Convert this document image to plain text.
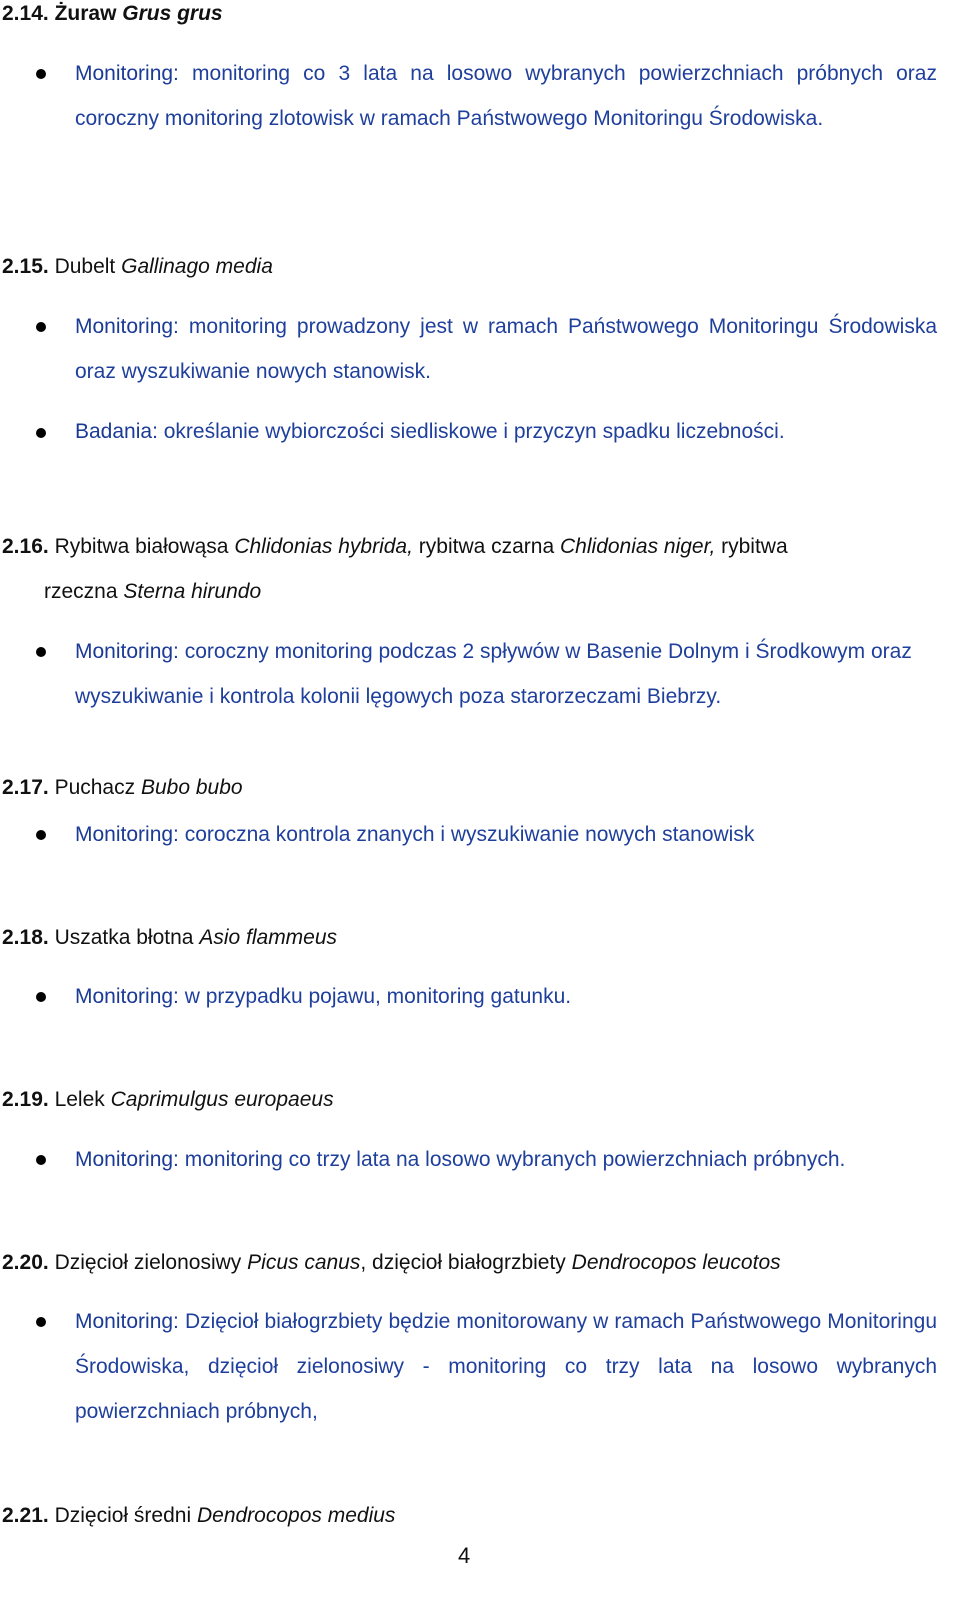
2.14. Żuraw Grus grus
Monitoring: monitoring co 3 lata na losowo wybranych powierzchniach próbnych oraz coroczny monitoring zlotowisk w ramach Państwowego Monitoringu Środowiska.
2.15. Dubelt Gallinago media
Monitoring: monitoring prowadzony jest w ramach Państwowego Monitoringu Środowiska oraz wyszukiwanie nowych stanowisk.
Badania: określanie wybiorczości siedliskowe i przyczyn spadku liczebności.
2.16. Rybitwa białowąsa Chlidonias hybrida, rybitwa czarna Chlidonias niger, rybitwa
rzeczna Sterna hirundo
Monitoring: coroczny monitoring podczas 2 spływów w Basenie Dolnym i Środkowym oraz wyszukiwanie i kontrola kolonii lęgowych poza starorzeczami Biebrzy.
2.17. Puchacz Bubo bubo
Monitoring: coroczna kontrola znanych i wyszukiwanie nowych stanowisk
2.18. Uszatka błotna Asio flammeus
Monitoring: w przypadku pojawu, monitoring gatunku.
2.19. Lelek Caprimulgus europaeus
Monitoring: monitoring co trzy lata na losowo wybranych powierzchniach próbnych.
2.20. Dzięcioł zielonosiwy Picus canus, dzięcioł białogrzbiety Dendrocopos leucotos
Monitoring: Dzięcioł białogrzbiety będzie monitorowany w ramach Państwowego Monitoringu Środowiska, dzięcioł zielonosiwy - monitoring co trzy lata na losowo wybranych powierzchniach próbnych,
2.21. Dzięcioł średni Dendrocopos medius
4
